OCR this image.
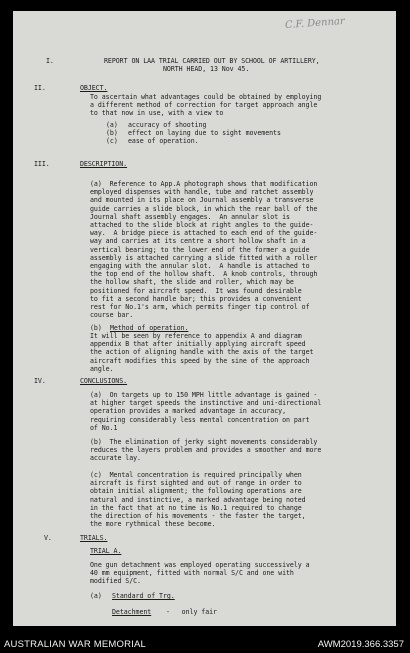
C.F. Dennar
I.	REPORT ON LAA TRIAL CARRIED OUT BY SCHOOL OF ARTILLERY,
NORTH HEAD, 13 Nov 45.
II.	OBJECT.
To ascertain what advantages could be obtained by employing
a different method of correction for target approach angle
to that now in use, with a view to
(a) accuracy of shooting
(b) effect on laying due to sight movements
(c) ease of operation.
III.	DESCRIPTION.
(a)  Reference to App.A photograph shows that modification
employed dispenses with handle, tube and ratchet assembly
and mounted in its place on Journal assembly a transverse
guide carries a slide block, in which the rear ball of the
Journal shaft assembly engages.  An annular slot is
attached to the slide block at right angles to the guide-
way.  A bridge piece is attached to each end of the guide-
way and carries at its centre a short hollow shaft in a
vertical bearing; to the lower end of the former a guide
assembly is attached carrying a slide fitted with a roller
engaging with the annular slot.  A handle is attached to
the top end of the hollow shaft.  A knob controls, through
the hollow shaft, the slide and roller, which may be
positioned for aircraft speed.  It was found desirable
to fit a second handle bar; this provides a convenient
rest for No.1's arm, which permits finger tip control of
course bar.
(b) Method of operation.
It will be seen by reference to appendix A and diagram
appendix B that after initially applying aircraft speed
the action of aligning handle with the axis of the target
aircraft modifies this speed by the sine of the approach
angle.
IV.	CONCLUSIONS.
(a)  On targets up to 150 MPH little advantage is gained -
at higher target speeds the instinctive and uni-directional
operation provides a marked advantage in accuracy,
requiring considerably less mental concentration on part
of No.1
(b)  The elimination of jerky sight movements considerably
reduces the layers problem and provides a smoother and more
accurate lay.
(c)  Mental concentration is required principally when
aircraft is first sighted and out of range in order to
obtain initial alignment; the following operations are
natural and instinctive, a marked advantage being noted
in the fact that at no time is No.1 required to change
the direction of his movements - the faster the target,
the more rythmical these become.
V.	TRIALS.
TRIAL A.
One gun detachment was employed operating successively a
40 mm equipment, fitted with normal S/C and one with
modified S/C.
(a) Standard of Trg.
Detachment -   only fair
AUSTRALIAN WAR MEMORIAL	AWM2019.366.3357
